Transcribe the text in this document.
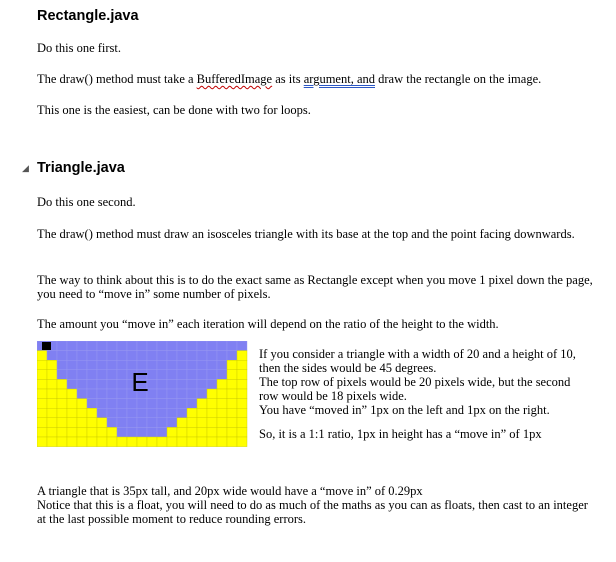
Rectangle.java
Do this one first.
The draw() method must take a BufferedImage as its argument, and draw the rectangle on the image.
This one is the easiest, can be done with two for loops.
◢ Triangle.java
Do this one second.
The draw() method must draw an isosceles triangle with its base at the top and the point facing downwards.
The way to think about this is to do the exact same as Rectangle except when you move 1 pixel down the page, you need to “move in” some number of pixels.
The amount you “move in” each iteration will depend on the ratio of the height to the width.
E
If you consider a triangle with a width of 20 and a height of 10, then the sides would be 45 degrees.
The top row of pixels would be 20 pixels wide, but the second row would be 18 pixels wide.
You have “moved in” 1px on the left and 1px on the right.
So, it is a 1:1 ratio, 1px in height has a “move in” of 1px
A triangle that is 35px tall, and 20px wide would have a “move in” of 0.29px
Notice that this is a float, you will need to do as much of the maths as you can as floats, then cast to an integer at the last possible moment to reduce rounding errors.
